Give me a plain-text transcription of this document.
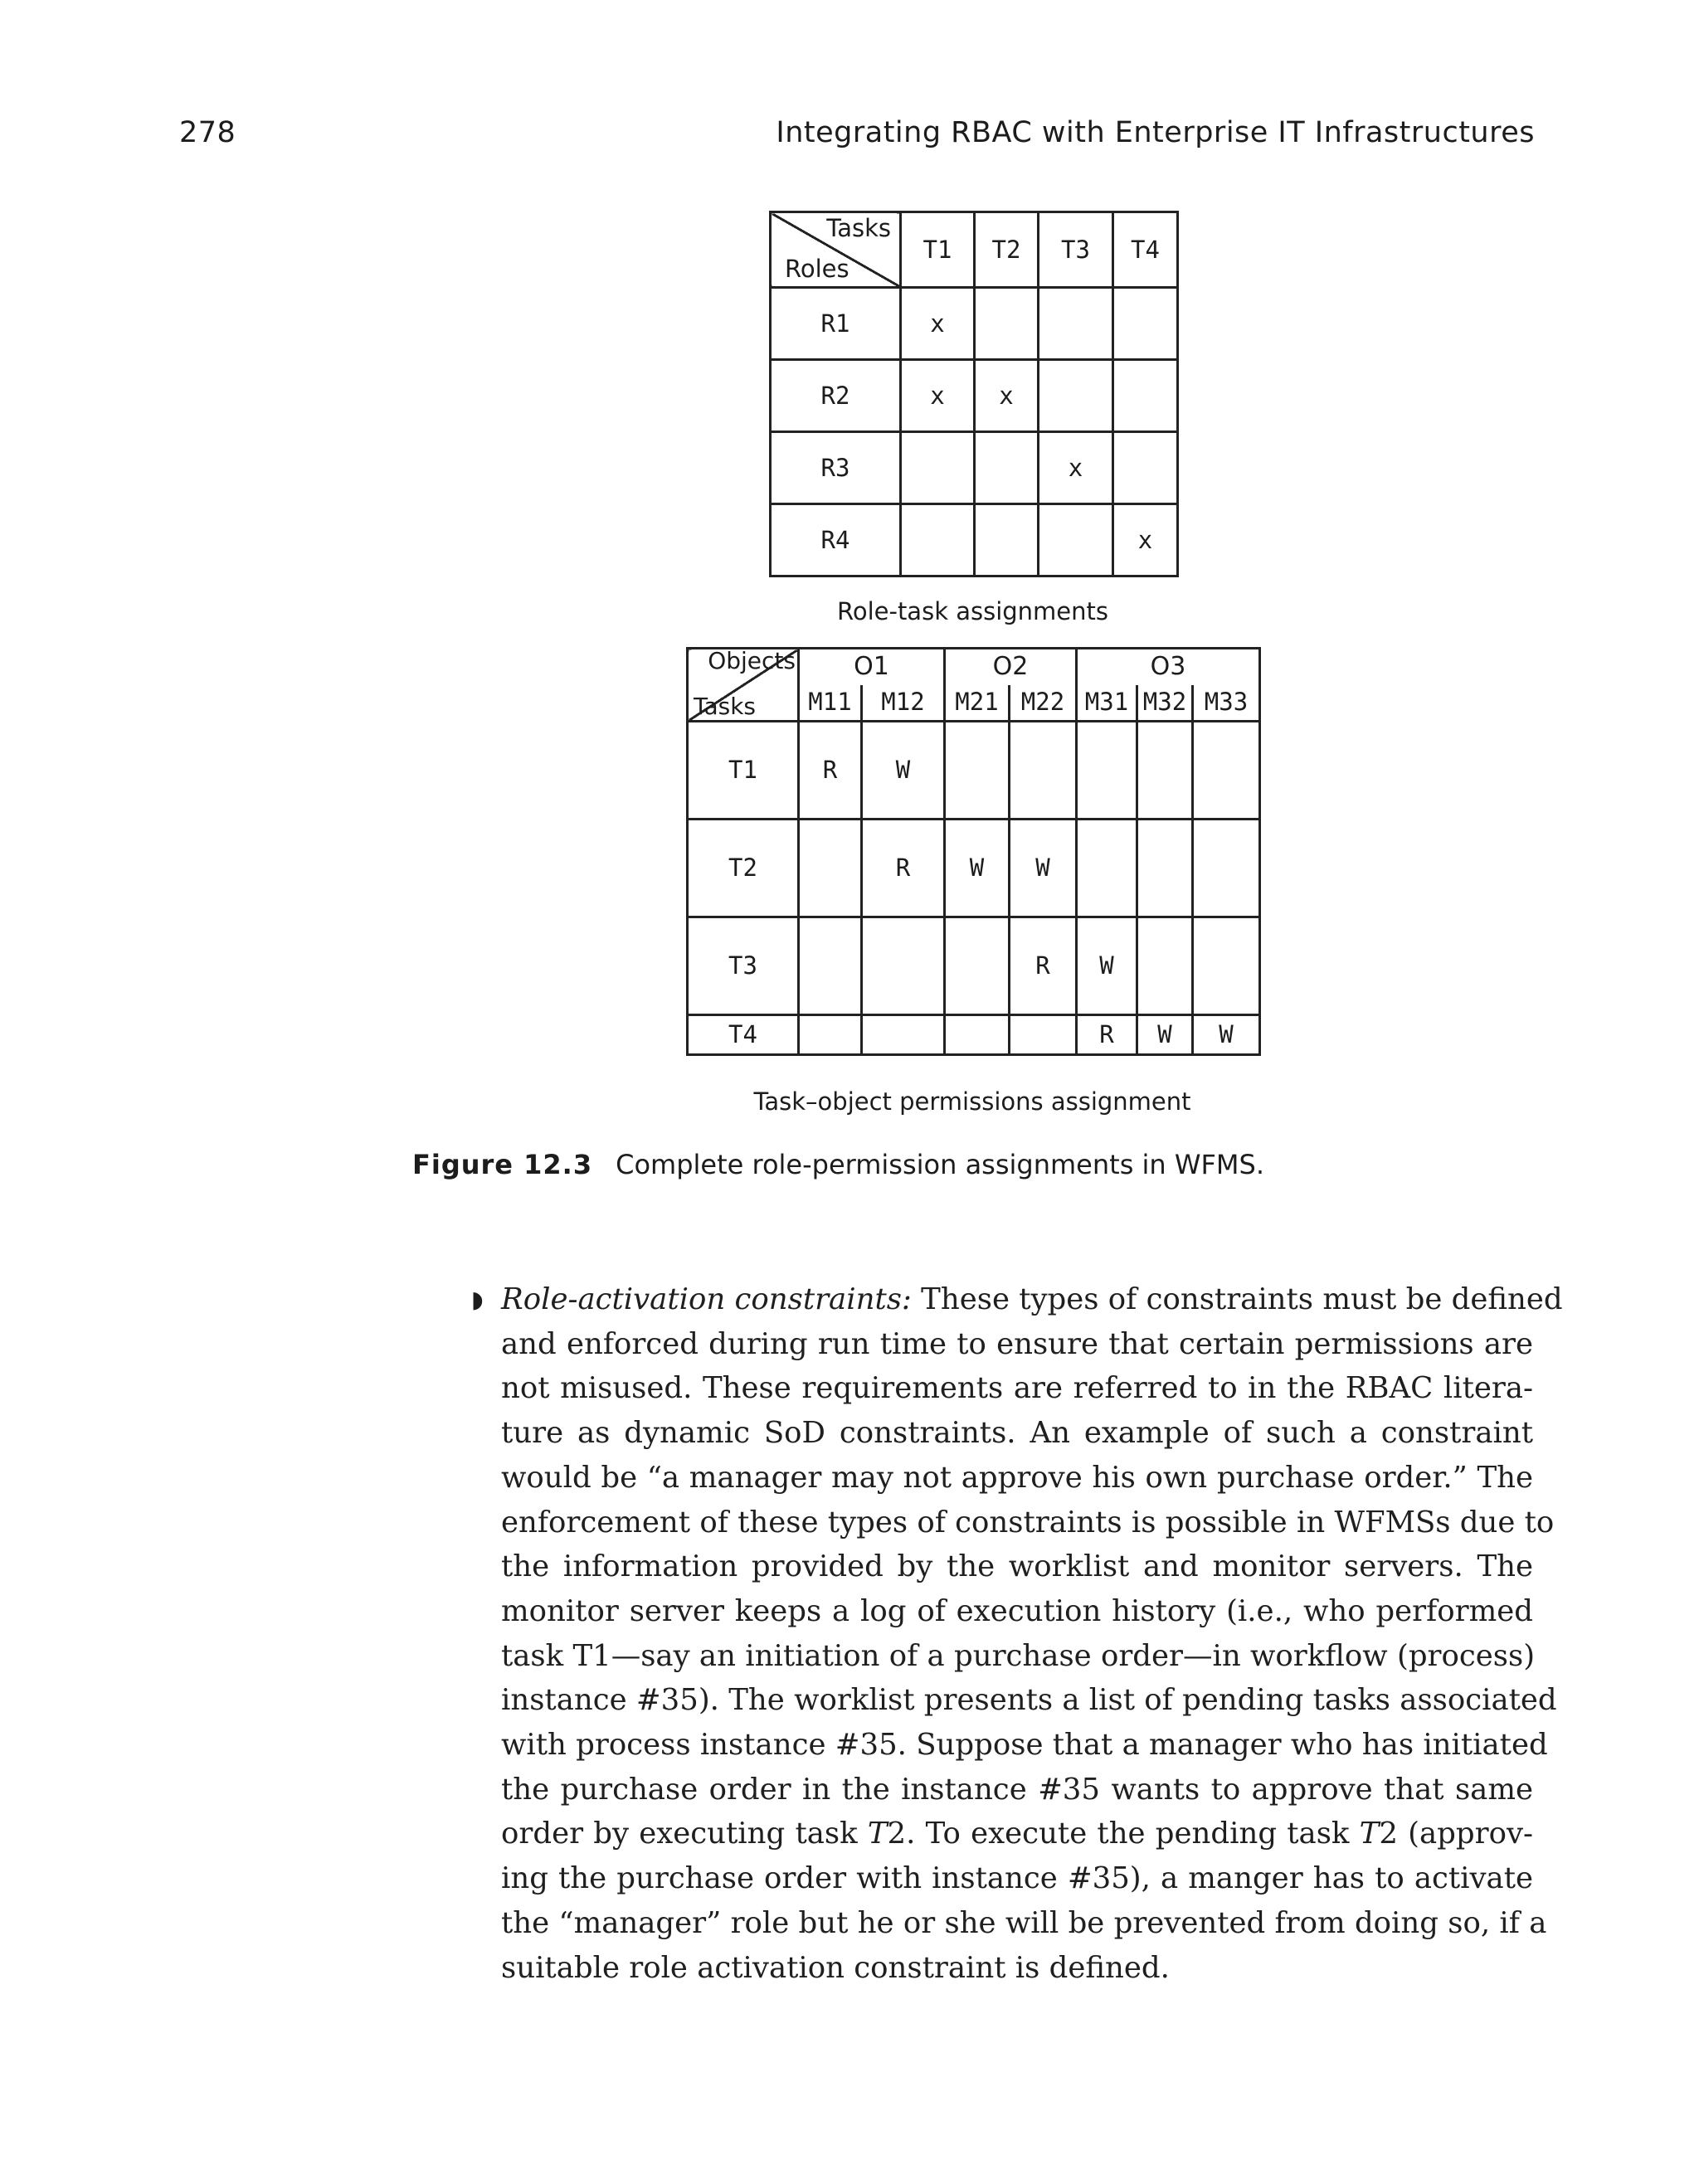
278	Integrating RBAC with Enterprise IT Infrastructures
Tasks
Roles	T1	T2	T3	T4
R1	x			
R2	x	x		
R3			x	
R4				x
Role-task assignments
Objects
Tasks	O1		O2		O3		
	M11	M12	M21	M22	M31	M32	M33
T1	R	W					
T2		R	W	W			
T3				R	W		
T4					R	W	W
Task–object permissions assignment
Figure 12.3 Complete role-permission assignments in WFMS.
◗ Role-activation constraints: These types of constraints must be defined
and enforced during run time to ensure that certain permissions are
not misused. These requirements are referred to in the RBAC litera-
ture as dynamic SoD constraints. An example of such a constraint
would be “a manager may not approve his own purchase order.” The
enforcement of these types of constraints is possible in WFMSs due to
the information provided by the worklist and monitor servers. The
monitor server keeps a log of execution history (i.e., who performed
task T1—say an initiation of a purchase order—in workflow (process)
instance #35). The worklist presents a list of pending tasks associated
with process instance #35. Suppose that a manager who has initiated
the purchase order in the instance #35 wants to approve that same
order by executing task T2. To execute the pending task T2 (approv-
ing the purchase order with instance #35), a manger has to activate
the “manager” role but he or she will be prevented from doing so, if a
suitable role activation constraint is defined.
